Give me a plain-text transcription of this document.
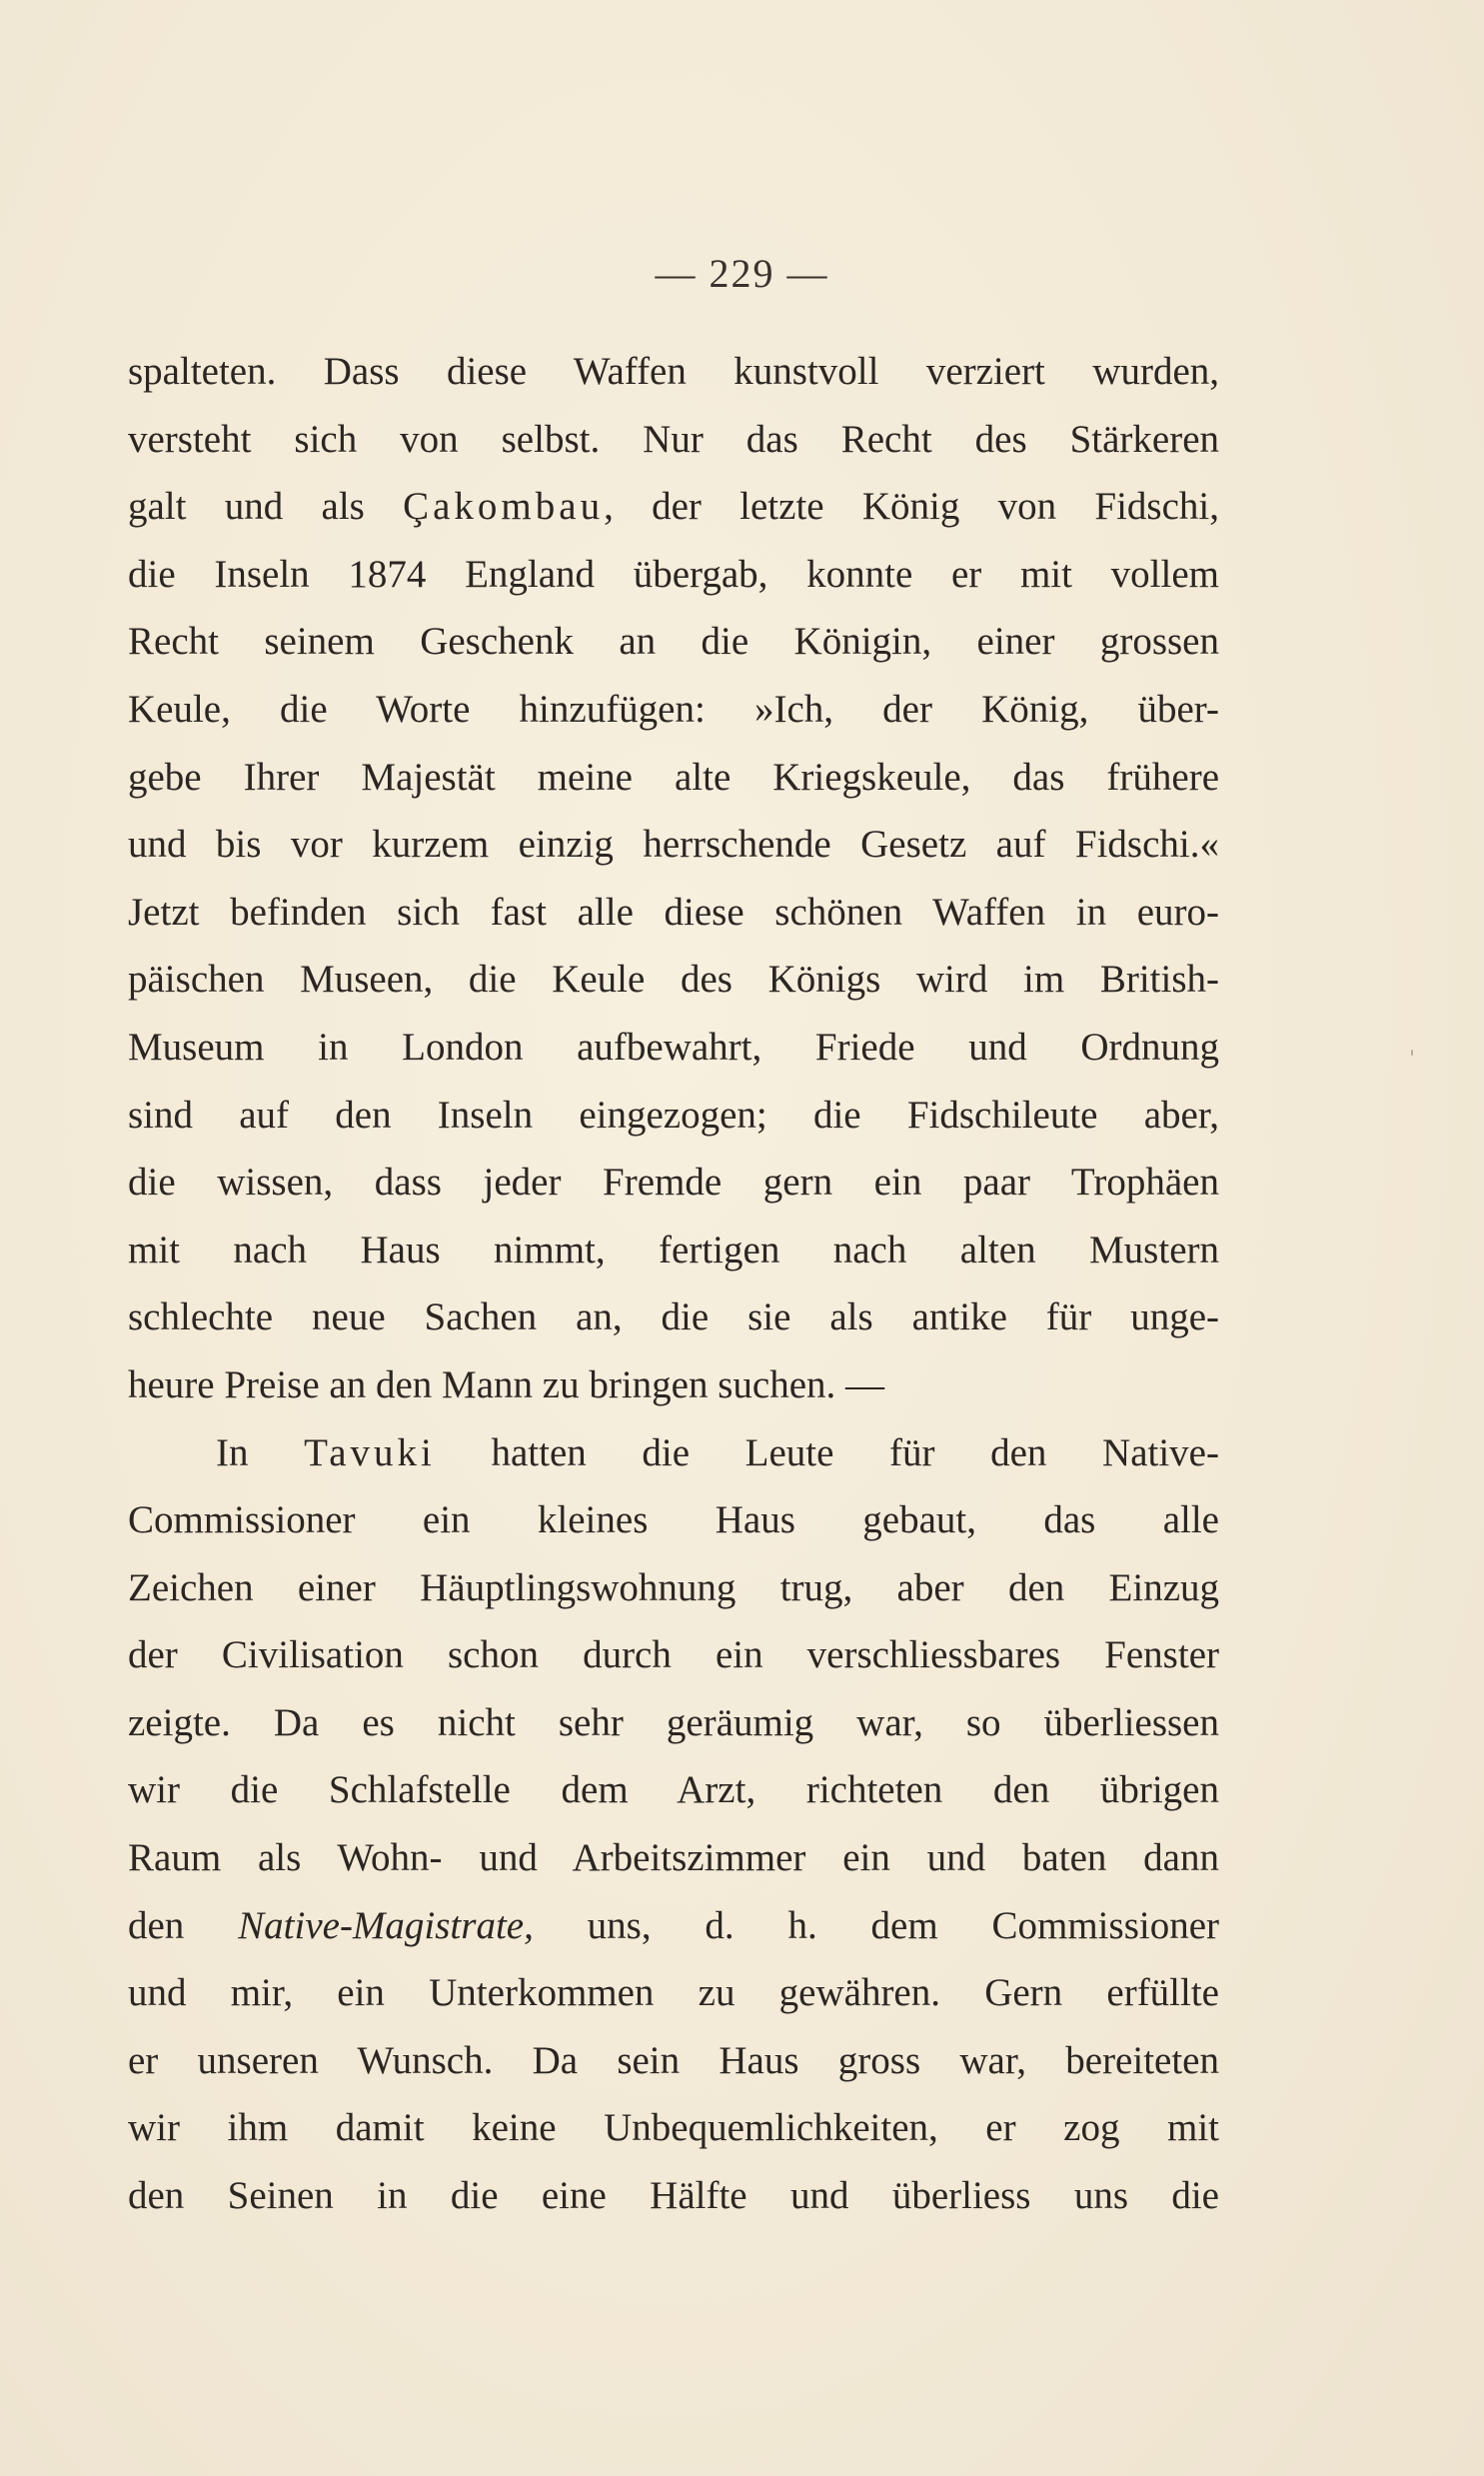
— 229 —
spalteten. Dass diese Waffen kunstvoll verziert wurden,
versteht sich von selbst. Nur das Recht des Stärkeren
galt und als Çakombau, der letzte König von Fidschi,
die Inseln 1874 England übergab, konnte er mit vollem
Recht seinem Geschenk an die Königin, einer grossen
Keule, die Worte hinzufügen: »Ich, der König, über-
gebe Ihrer Majestät meine alte Kriegskeule, das frühere
und bis vor kurzem einzig herrschende Gesetz auf Fidschi.«
Jetzt befinden sich fast alle diese schönen Waffen in euro-
päischen Museen, die Keule des Königs wird im British-
Museum in London aufbewahrt, Friede und Ordnung
sind auf den Inseln eingezogen; die Fidschileute aber,
die wissen, dass jeder Fremde gern ein paar Trophäen
mit nach Haus nimmt, fertigen nach alten Mustern
schlechte neue Sachen an, die sie als antike für unge-
heure Preise an den Mann zu bringen suchen. —
In Tavuki hatten die Leute für den Native-
Commissioner ein kleines Haus gebaut, das alle
Zeichen einer Häuptlingswohnung trug, aber den Einzug
der Civilisation schon durch ein verschliessbares Fenster
zeigte. Da es nicht sehr geräumig war, so überliessen
wir die Schlafstelle dem Arzt, richteten den übrigen
Raum als Wohn- und Arbeitszimmer ein und baten dann
den Native-Magistrate, uns, d. h. dem Commissioner
und mir, ein Unterkommen zu gewähren. Gern erfüllte
er unseren Wunsch. Da sein Haus gross war, bereiteten
wir ihm damit keine Unbequemlichkeiten, er zog mit
den Seinen in die eine Hälfte und überliess uns die
